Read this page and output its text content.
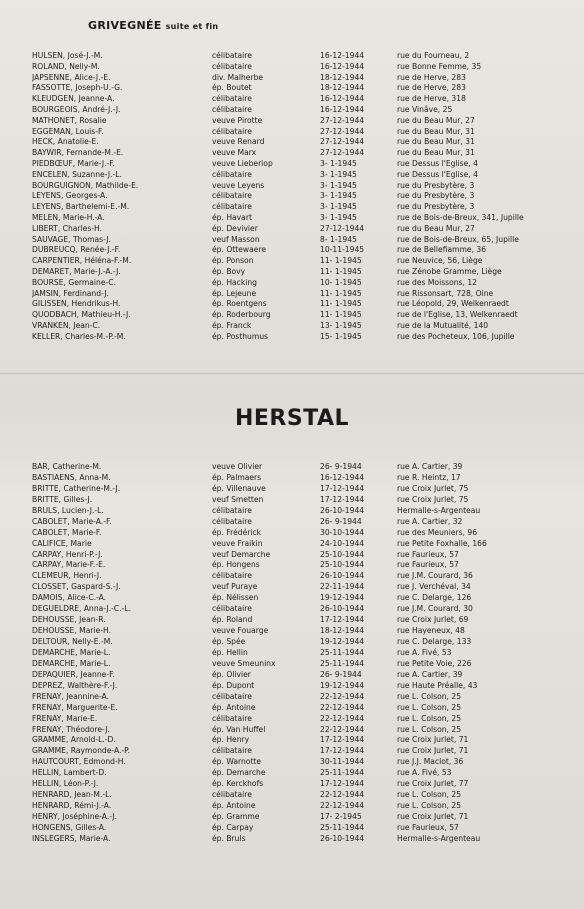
GRIVEGNÉE suite et fin
HULSEN, José-J.-M.	célibataire	16-12-1944	rue du Fourneau, 2
ROLAND, Nelly-M.	célibataire	16-12-1944	rue Bonne Femme, 35
JAPSENNE, Alice-J.-E.	div. Malherbe	18-12-1944	rue de Herve, 283
FASSOTTE, Joseph-U.-G.	ép. Boutet	18-12-1944	rue de Herve, 283
KLEUDGEN, Jeanne-A.	célibataire	16-12-1944	rue de Herve, 318
BOURGEOIS, André-J.-J.	célibataire	16-12-1944	rue Vinâve, 25
MATHONET, Rosalie	veuve Pirotte	27-12-1944	rue du Beau Mur, 27
EGGEMAN, Louis-F.	célibataire	27-12-1944	rue du Beau Mur, 31
HECK, Anatolie-E.	veuve Renard	27-12-1944	rue du Beau Mur, 31
BAYWIR, Fernande-M.-E.	veuve Marx	27-12-1944	rue du Beau Mur, 31
PIEDBŒUF, Marie-J.-F.	veuve Lieberiop	3- 1-1945	rue Dessus l'Eglise, 4
ENCELEN, Suzanne-J.-L.	célibataire	3- 1-1945	rue Dessus l'Eglise, 4
BOURGUIGNON, Mathilde-E.	veuve Leyens	3- 1-1945	rue du Presbytère, 3
LEYENS, Georges-A.	célibataire	3- 1-1945	rue du Presbytère, 3
LEYENS, Barthelemi-E.-M.	célibataire	3- 1-1945	rue du Presbytère, 3
MELEN, Marie-H.-A.	ép. Havart	3- 1-1945	rue de Bois-de-Breux, 341, Jupille
LIBERT, Charles-H.	ép. Devivier	27-12-1944	rue du Beau Mur, 27
SAUVAGE, Thomas-J.	veuf Masson	8- 1-1945	rue de Bois-de-Breux, 65, Jupille
DUBREUCQ, Renée-J.-F.	ép. Ottewaere	10-11-1945	rue de Bellefiamme, 36
CARPENTIER, Héléna-F.-M.	ép. Ponson	11- 1-1945	rue Neuvice, 56, Liège
DEMARET, Marie-J.-A.-J.	ép. Bovy	11- 1-1945	rue Zénobe Gramme, Liège
BOURSE, Germaine-C.	ép. Hacking	10- 1-1945	rue des Moissons, 12
JAMSIN, Ferdinand-J.	ép. Lejeune	11- 1-1945	rue Rissonsart, 728, Oine
GILISSEN, Hendrikus-H.	ép. Roentgens	11- 1-1945	rue Léopold, 29, Welkenraedt
QUODBACH, Mathieu-H.-J.	ép. Roderbourg	11- 1-1945	rue de l'Eglise, 13, Welkenraedt
VRANKEN, Jean-C.	ép. Franck	13- 1-1945	rue de la Mutualité, 140
KELLER, Charles-M.-P.-M.	ép. Posthumus	15- 1-1945	rue des Pocheteux, 106, Jupille
HERSTAL
BAR, Catherine-M.	veuve Olivier	26- 9-1944	rue A. Cartier, 39
BASTIAENS, Anna-M.	ép. Palmaers	16-12-1944	rue R. Heintz, 17
BRITTE, Catherine-M.-J.	ép. Villenauve	17-12-1944	rue Croix Jurlet, 75
BRITTE, Gilles-J.	veuf Smetten	17-12-1944	rue Croix Jurlet, 75
BRULS, Lucien-J.-L.	célibataire	26-10-1944	Hermalle-s-Argenteau
CABOLET, Marie-A.-F.	célibataire	26- 9-1944	rue A. Cartier, 32
CABOLET, Marie-F.	ép. Frédérick	30-10-1944	rue des Meuniers, 96
CALIFICE, Marie	veuve Fraikin	24-10-1944	rue Petite Foxhalle, 166
CARPAY, Henri-P.-J.	veuf Demarche	25-10-1944	rue Faurieux, 57
CARPAY, Marie-F.-E.	ép. Hongens	25-10-1944	rue Faurieux, 57
CLEMEUR, Henri-J.	célibataire	26-10-1944	rue J.M. Courard, 36
CLOSSET, Gaspard-S.-J.	veuf Puraye	22-11-1944	rue J. Verchéval, 34
DAMOIS, Alice-C.-A.	ép. Nélissen	19-12-1944	rue C. Delarge, 126
DEGUELDRE, Anna-J.-C.-L.	célibataire	26-10-1944	rue J.M. Courard, 30
DEHOUSSE, Jean-R.	ép. Roland	17-12-1944	rue Croix Jurlet, 69
DEHOUSSE, Marie-H.	veuve Fouarge	18-12-1944	rue Hayeneux, 48
DELTOUR, Nelly-E.-M.	ép. Spée	19-12-1944	rue C. Delarge, 133
DEMARCHE, Marie-L.	ép. Hellin	25-11-1944	rue A. Fivé, 53
DEMARCHE, Marie-L.	veuve Smeuninx	25-11-1944	rue Petite Voie, 226
DEPAQUIER, Jeanne-F.	ép. Olivier	26- 9-1944	rue A. Cartier, 39
DEPREZ, Walthère-F.-J.	ép. Dupont	19-12-1944	rue Haute Préalle, 43
FRENAY, Jeannine-A.	célibataire	22-12-1944	rue L. Colson, 25
FRENAY, Marguerite-E.	ép. Antoine	22-12-1944	rue L. Colson, 25
FRENAY, Marie-E.	célibataire	22-12-1944	rue L. Colson, 25
FRENAY, Théodore-J.	ép. Van Huffel	22-12-1944	rue L. Colson, 25
GRAMME, Arnold-L.-D.	ép. Henry	17-12-1944	rue Croix Jurlet, 71
GRAMME, Raymonde-A.-P.	célibataire	17-12-1944	rue Croix Jurlet, 71
HAUTCOURT, Edmond-H.	ép. Warnotte	30-11-1944	rue J.J. Maclot, 36
HELLIN, Lambert-D.	ép. Demarche	25-11-1944	rue A. Fivé, 53
HELLIN, Léon-P.-J.	ép. Kerckhofs	17-12-1944	rue Croix Jurlet, 77
HENRARD, Jean-M.-L.	célibataire	22-12-1944	rue L. Colson, 25
HENRARD, Rémi-J.-A.	ép. Antoine	22-12-1944	rue L. Colson, 25
HENRY, Joséphine-A.-J.	ép. Gramme	17- 2-1945	rue Croix Jurlet, 71
HONGENS, Gilles-A.	ép. Carpay	25-11-1944	rue Faurieux, 57
INSLEGERS, Marie-A.	ép. Bruls	26-10-1944	Hermalle-s-Argenteau
